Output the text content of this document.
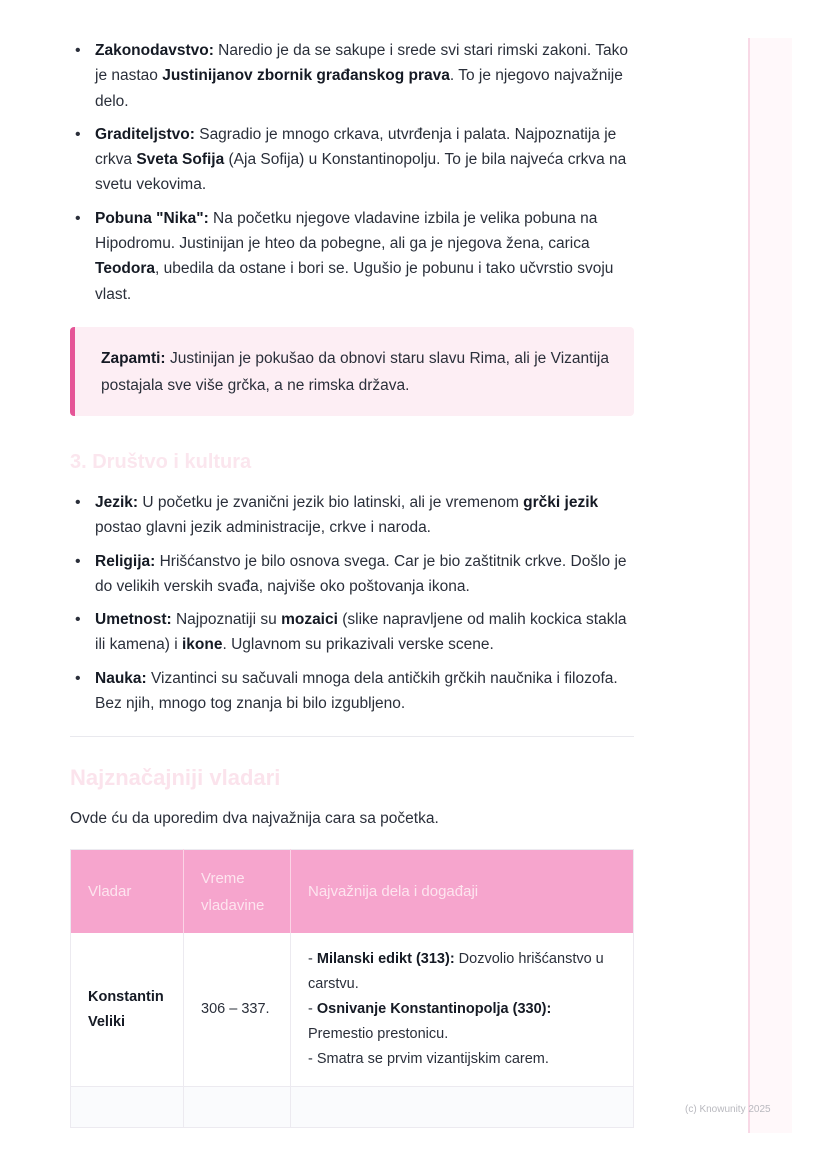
• Zakonodavstvo: Naredio je da se sakupe i srede svi stari rimski zakoni. Tako je nastao Justinijanov zbornik građanskog prava. To je njegovo najvažnije delo.
• Graditeljstvo: Sagradio je mnogo crkava, utvrđenja i palata. Najpoznatija je crkva Sveta Sofija (Aja Sofija) u Konstantinopolju. To je bila najveća crkva na svetu vekovima.
• Pobuna "Nika": Na početku njegove vladavine izbila je velika pobuna na Hipodromu. Justinijan je hteo da pobegne, ali ga je njegova žena, carica Teodora, ubedila da ostane i bori se. Ugušio je pobunu i tako učvrstio svoju vlast.
Zapamti: Justinijan je pokušao da obnovi staru slavu Rima, ali je Vizantija postajala sve više grčka, a ne rimska država.
3. Društvo i kultura
• Jezik: U početku je zvanični jezik bio latinski, ali je vremenom grčki jezik postao glavni jezik administracije, crkve i naroda.
• Religija: Hrišćanstvo je bilo osnova svega. Car je bio zaštitnik crkve. Došlo je do velikih verskih svađa, najviše oko poštovanja ikona.
• Umetnost: Najpoznatiji su mozaici (slike napravljene od malih kockica stakla ili kamena) i ikone. Uglavnom su prikazivali verske scene.
• Nauka: Vizantinci su sačuvali mnoga dela antičkih grčkih naučnika i filozofa. Bez njih, mnogo tog znanja bi bilo izgubljeno.
Najznačajniji vladari

Ovde ću da uporedim dva najvažnija cara sa početka.

Vladar	Vreme vladavine	Najvažnija dela i događaji
Konstantin Veliki	306 – 337.	- Milanski edikt (313): Dozvolio hrišćanstvo u carstvu.
- Osnivanje Konstantinopolja (330): Premestio prestonicu.
- Smatra se prvim vizantijskim carem.

(c) Knowunity 2025
